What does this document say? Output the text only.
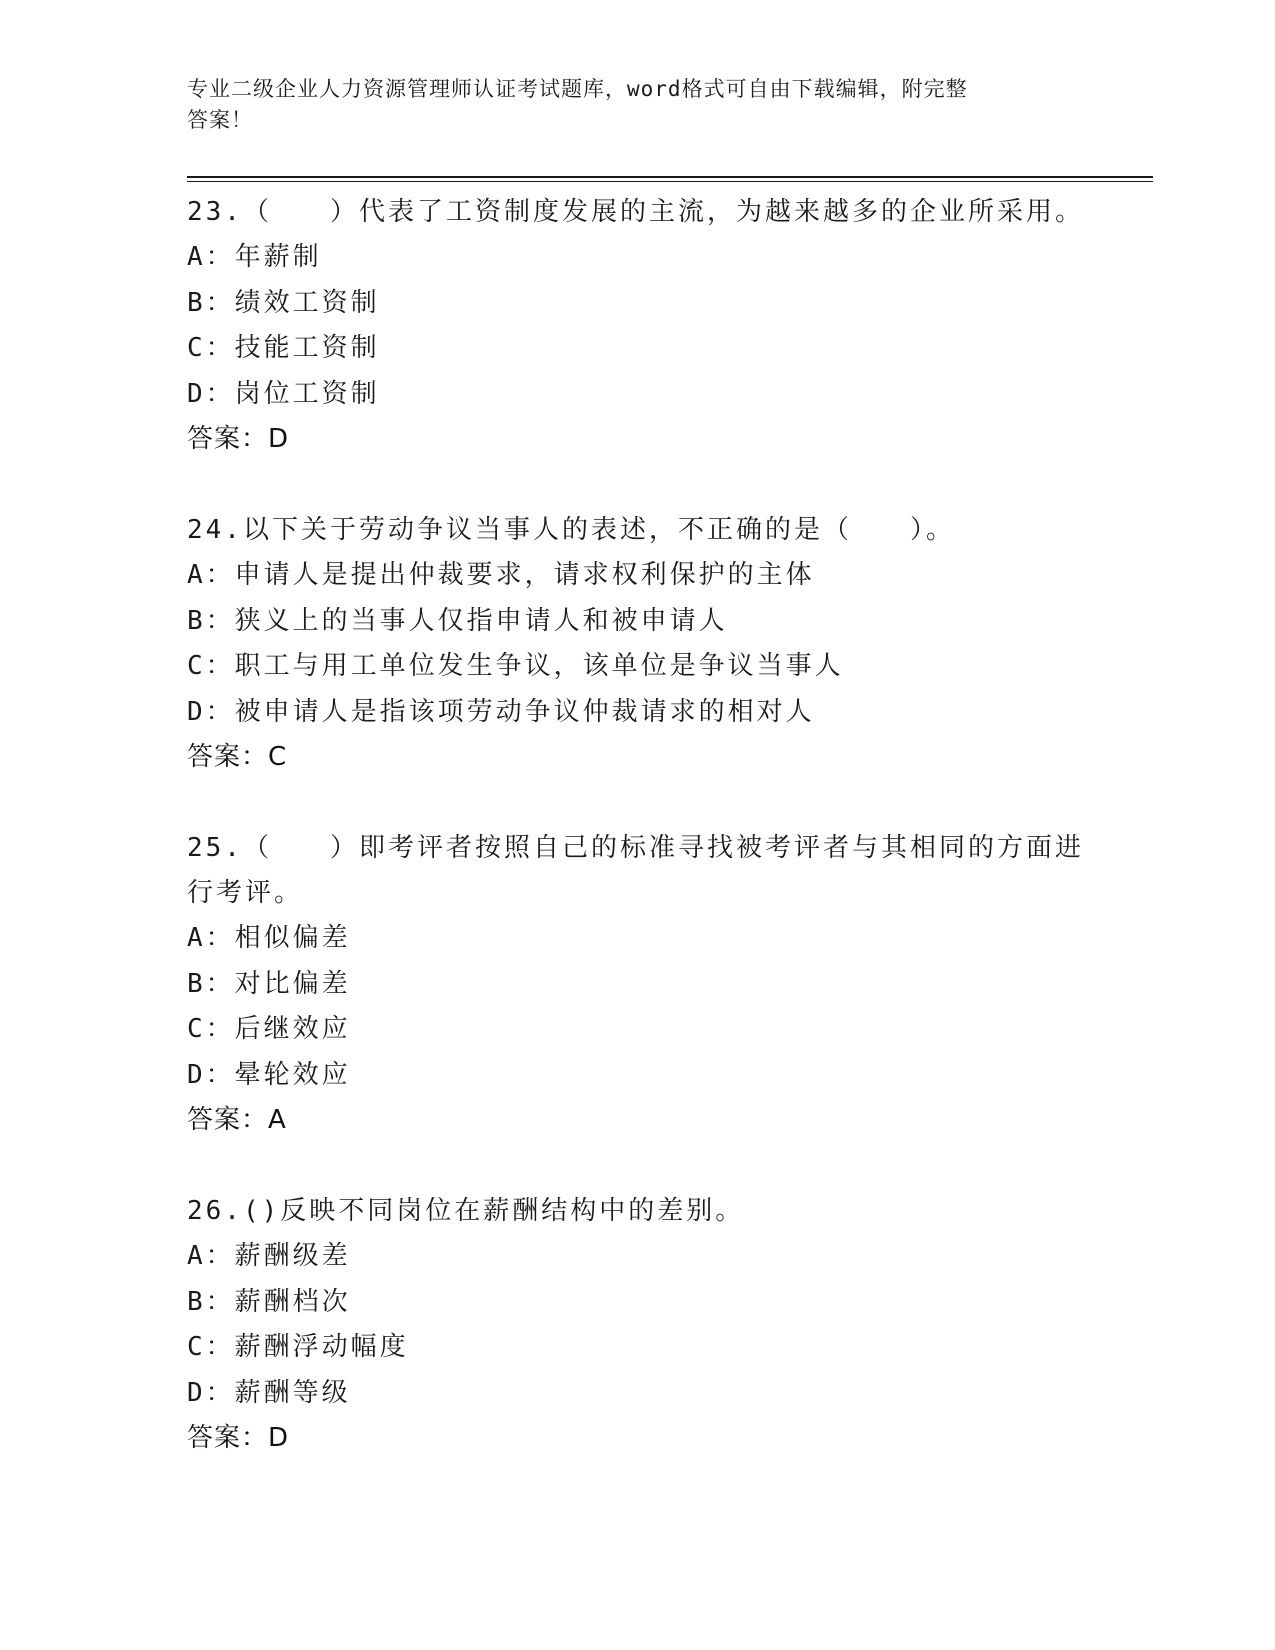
专业二级企业人力资源管理师认证考试题库，word格式可自由下载编辑，附完整
答案！
23.（　　）代表了工资制度发展的主流，为越来越多的企业所采用。
A：年薪制
B：绩效工资制
C：技能工资制
D：岗位工资制
答案：D
24.以下关于劳动争议当事人的表述，不正确的是（　　）。
A：申请人是提出仲裁要求，请求权利保护的主体
B：狭义上的当事人仅指申请人和被申请人
C：职工与用工单位发生争议，该单位是争议当事人
D：被申请人是指该项劳动争议仲裁请求的相对人
答案：C
25.（　　）即考评者按照自己的标准寻找被考评者与其相同的方面进行考评。
A：相似偏差
B：对比偏差
C：后继效应
D：晕轮效应
答案：A
26.()反映不同岗位在薪酬结构中的差别。
A：薪酬级差
B：薪酬档次
C：薪酬浮动幅度
D：薪酬等级
答案：D
